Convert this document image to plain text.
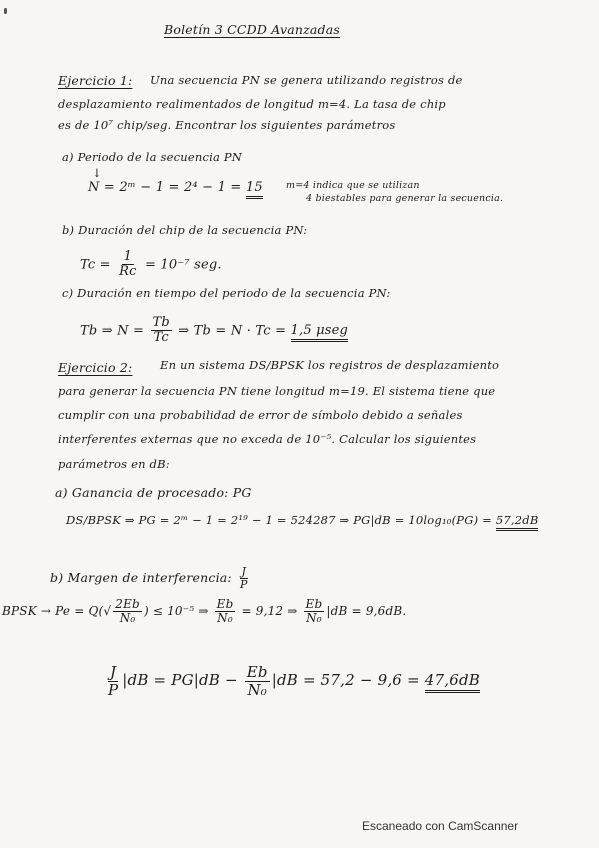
Boletín 3 CCDD Avanzadas
Ejercicio 1: Una secuencia PN se genera utilizando registros de
desplazamiento realimentados de longitud m=4. La tasa de chip
es de 10⁷ chip/seg. Encontrar los siguientes parámetros
a) Periodo de la secuencia PN
↓
N = 2ᵐ − 1 = 2⁴ − 1 = 15 m=4 indica que se utilizan
4 biestables para generar la secuencia.
b) Duración del chip de la secuencia PN:
$Tc = \frac{1}{Rc} = 10^{-7}$ seg.
c) Duración en tiempo del periodo de la secuencia PN:
Tb ⇒ $N = \frac{Tb}{Tc}$ ⇒ Tb = N · Tc = 1,5 μseg
Ejercicio 2: En un sistema DS/BPSK los registros de desplazamiento
para generar la secuencia PN tiene longitud m=19. El sistema tiene que
cumplir con una probabilidad de error de símbolo debido a señales
interferentes externas que no exceda de 10⁻⁵. Calcular los siguientes
parámetros en dB:
a) Ganancia de procesado: PG
DS/BPSK ⇒ PG = 2ᵐ − 1 = 2¹⁹ − 1 = 524287 ⇒ PG|dB = 10log₁₀(PG) = 57,2dB
b) Margen de interferencia: $\frac{J}{P}$
BPSK → $Pe = Q(√ \frac{2Eb}{\text{N₀}}$ ) ≤ 10⁻⁵ ⇒ $\frac{Eb}{\text{N₀}} = 9,12$ ⇒ $\frac{Eb}{\text{N₀}} |dB = 9,6dB$.
$\frac{J}{P} |dB = PG|dB - \frac{Eb}{\text{N₀}} |dB = 57,2 - 9,6 = 47,6dB$
Escaneado con CamScanner
